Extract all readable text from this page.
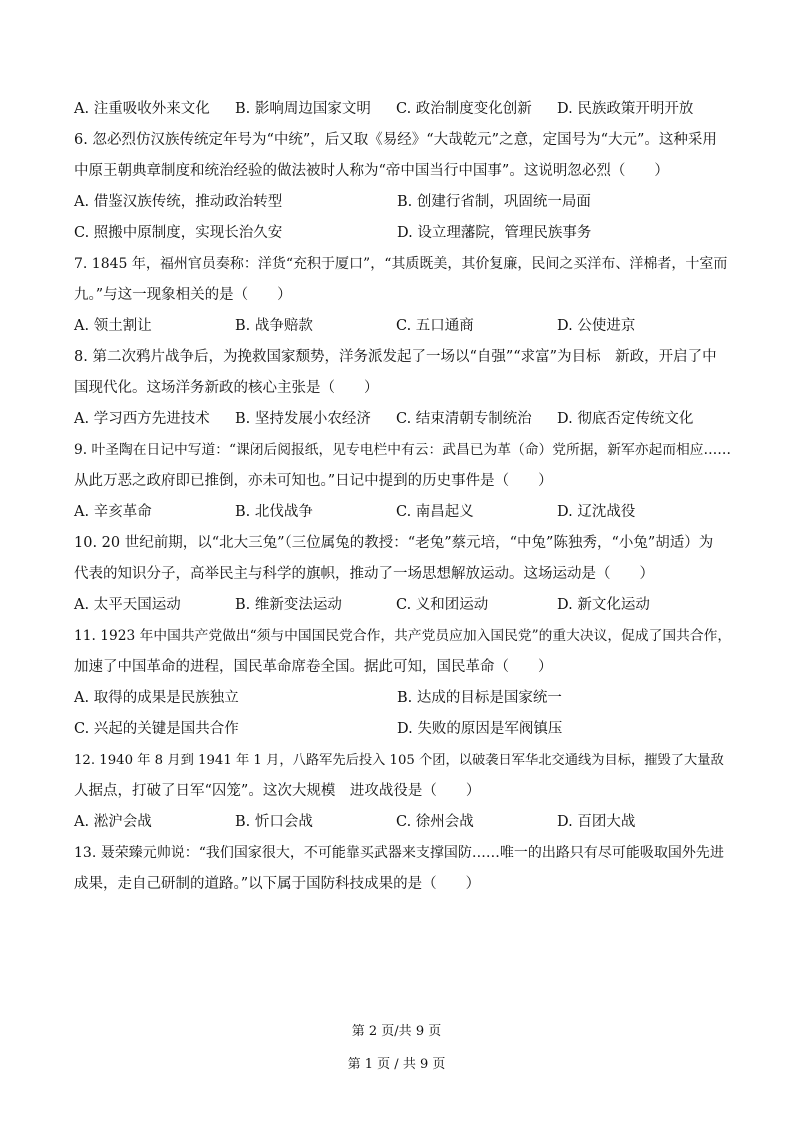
A. 注重吸收外来文化	B. 影响周边国家文明	C. 政治制度变化创新	D. 民族政策开明开放
6. 忽必烈仿汉族传统定年号为“中统”，后又取《易经》“大哉乾元”之意，定国号为“大元”。这种采用
中原王朝典章制度和统治经验的做法被时人称为“帝中国当行中国事”。这说明忽必烈（　　）
A. 借鉴汉族传统，推动政治转型	B. 创建行省制，巩固统一局面
C. 照搬中原制度，实现长治久安	D. 设立理藩院，管理民族事务
7. 1845 年，福州官员奏称：洋货“充积于厦口”，“其质既美，其价复廉，民间之买洋布、洋棉者，十室而
九。”与这一现象相关的是（　　）
A. 领土割让	B. 战争赔款	C. 五口通商	D. 公使进京
8. 第二次鸦片战争后，为挽救国家颓势，洋务派发起了一场以“自强”“求富”为目标　新政，开启了中
国现代化。这场洋务新政的核心主张是（　　）
A. 学习西方先进技术	B. 坚持发展小农经济	C. 结束清朝专制统治	D. 彻底否定传统文化
9. 叶圣陶在日记中写道：“课闭后阅报纸，见专电栏中有云：武昌已为革（命）党所据，新军亦起而相应……
从此万恶之政府即已推倒，亦未可知也。”日记中提到的历史事件是（　　）
A. 辛亥革命	B. 北伐战争	C. 南昌起义	D. 辽沈战役
10. 20 世纪前期，以“北大三兔”（三位属兔的教授：“老兔”蔡元培，“中兔”陈独秀，“小兔”胡适）为
代表的知识分子，高举民主与科学的旗帜，推动了一场思想解放运动。这场运动是（　　）
A. 太平天国运动	B. 维新变法运动	C. 义和团运动	D. 新文化运动
11. 1923 年中国共产党做出“须与中国国民党合作，共产党员应加入国民党”的重大决议，促成了国共合作，
加速了中国革命的进程，国民革命席卷全国。据此可知，国民革命（　　）
A. 取得的成果是民族独立	B. 达成的目标是国家统一
C. 兴起的关键是国共合作	D. 失败的原因是军阀镇压
12. 1940 年 8 月到 1941 年 1 月，八路军先后投入 105 个团，以破袭日军华北交通线为目标，摧毁了大量敌
人据点，打破了日军“囚笼”。这次大规模　进攻战役是（　　）
A. 淞沪会战	B. 忻口会战	C. 徐州会战	D. 百团大战
13. 聂荣臻元帅说：“我们国家很大，不可能靠买武器来支撑国防……唯一的出路只有尽可能吸取国外先进
成果，走自己研制的道路。”以下属于国防科技成果的是（　　）
第 2 页/共 9 页
第 1 页 / 共 9 页
